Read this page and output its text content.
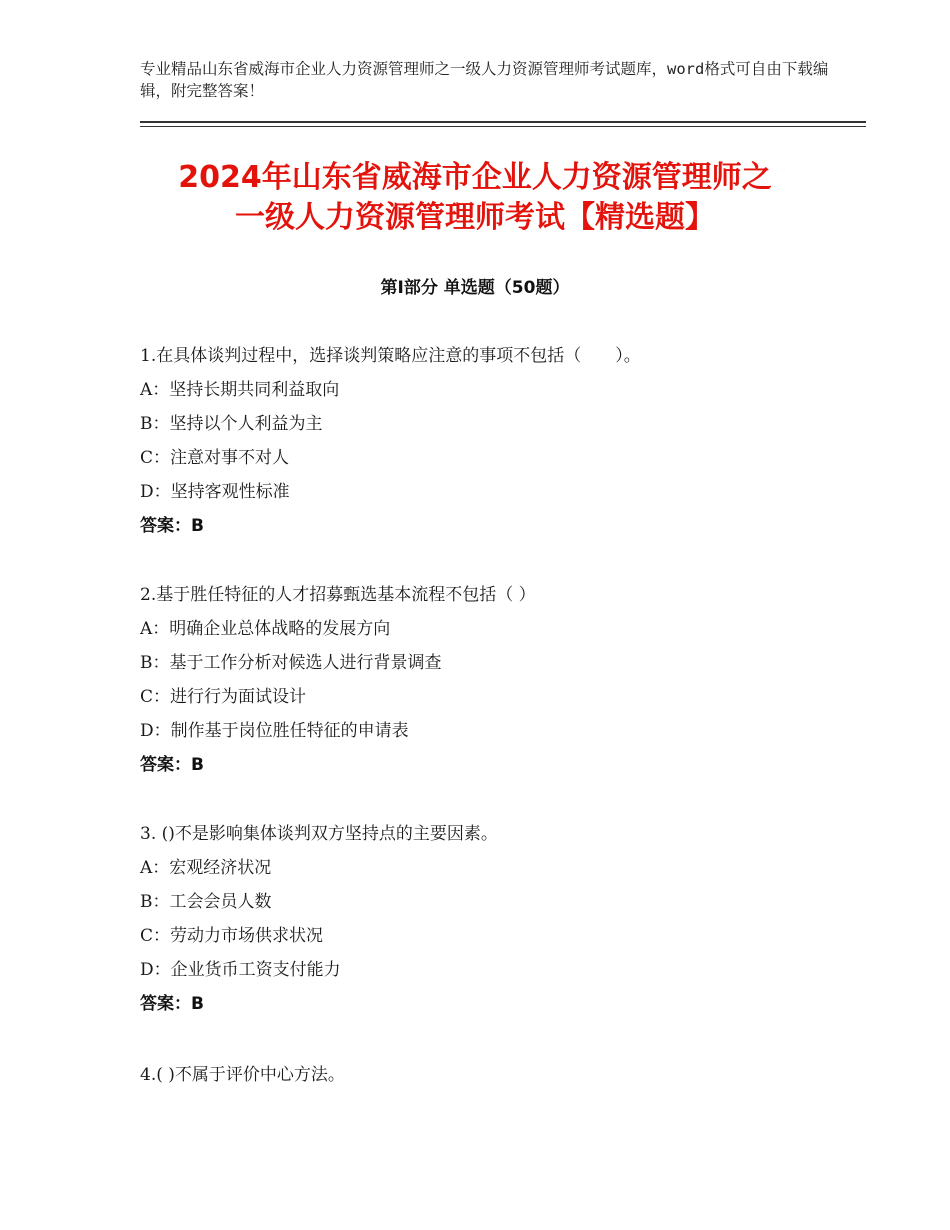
专业精品山东省威海市企业人力资源管理师之一级人力资源管理师考试题库，word格式可自由下载编辑，附完整答案！
2024年山东省威海市企业人力资源管理师之
一级人力资源管理师考试【精选题】
第Ⅰ部分 单选题（50题）
1.在具体谈判过程中，选择谈判策略应注意的事项不包括（　　）。
A：坚持长期共同利益取向
B：坚持以个人利益为主
C：注意对事不对人
D：坚持客观性标准
答案：B
2.基于胜任特征的人才招募甄选基本流程不包括（ ）
A：明确企业总体战略的发展方向
B：基于工作分析对候选人进行背景调查
C：进行行为面试设计
D：制作基于岗位胜任特征的申请表
答案：B
3. ()不是影响集体谈判双方坚持点的主要因素。
A：宏观经济状况
B：工会会员人数
C：劳动力市场供求状况
D：企业货币工资支付能力
答案：B
4.( )不属于评价中心方法。
